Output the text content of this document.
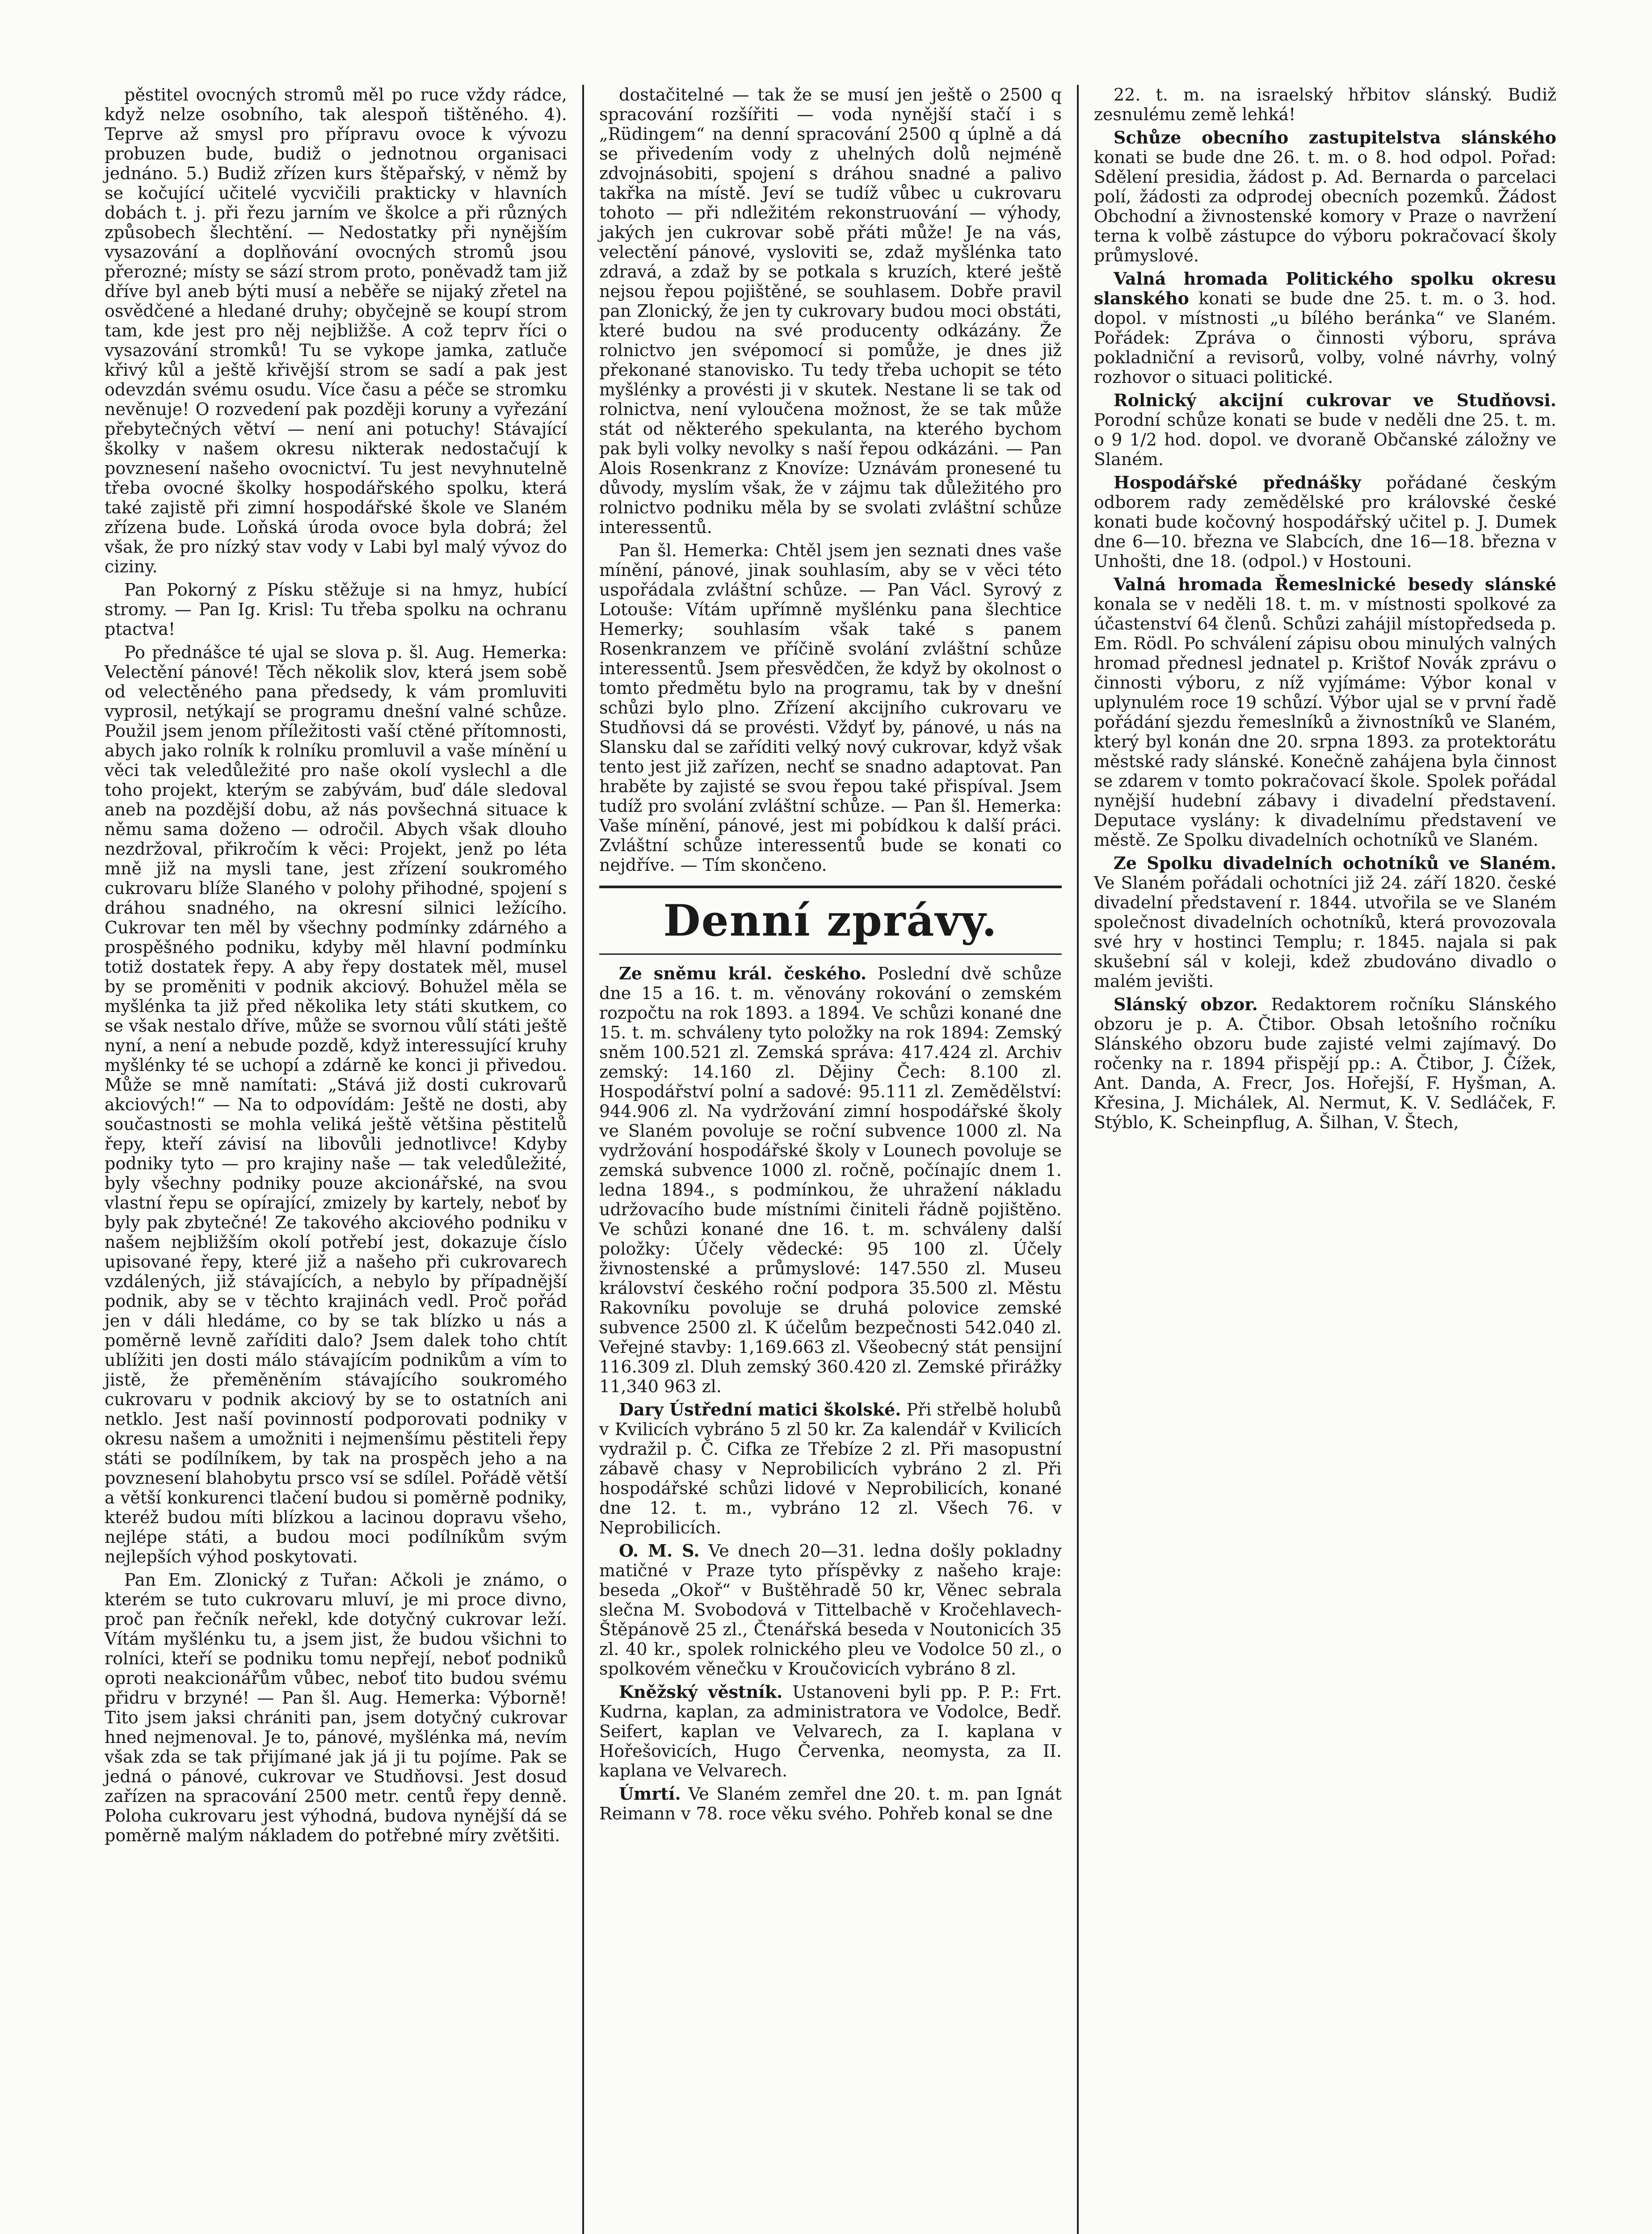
pěstitel ovocných stromů měl po ruce vždy rádce, když nelze osobního, tak alespoň tištěného. 4). Teprve až smysl pro přípravu ovoce k vývozu probuzen bude, budiž o jednotnou organisaci jednáno. 5.) Budiž zřízen kurs štěpařský, v němž by se kočující učitelé vycvičili prakticky v hlavních dobách t. j. při řezu jarním ve školce a při různých způsobech šlechtění. — Nedostatky při nynějším vysazování a doplňování ovocných stromů jsou přerozné; místy se sází strom proto, poněvadž tam již dříve byl aneb býti musí a neběře se nijaký zřetel na osvědčené a hledané druhy; obyčejně se koupí strom tam, kde jest pro něj nejbližše. A což teprv říci o vysazování stromků! Tu se vykope jamka, zatluče křivý kůl a ještě křivější strom se sadí a pak jest odevzdán svému osudu. Více času a péče se stromku nevěnuje! O rozvedení pak později koruny a vyřezání přebytečných větví — není ani potuchy! Stávající školky v našem okresu nikterak nedostačují k povznesení našeho ovocnictví. Tu jest nevyhnutelně třeba ovocné školky hospodářského spolku, která také zajistě při zimní hospodářské škole ve Slaném zřízena bude. Loňská úroda ovoce byla dobrá; žel však, že pro nízký stav vody v Labi byl malý vývoz do ciziny.

Pan Pokorný z Písku stěžuje si na hmyz, hubící stromy. — Pan Ig. Krisl: Tu třeba spolku na ochranu ptactva!

Po přednášce té ujal se slova p. šl. Aug. Hemerka: Velectění pánové! Těch několik slov, která jsem sobě od velectěného pana předsedy, k vám promluviti vyprosil, netýkají se programu dnešní valné schůze. Použil jsem jenom příležitosti vaší ctěné přítomnosti, abych jako rolník k rolníku promluvil a vaše mínění u věci tak veledůležité pro naše okolí vyslechl a dle toho projekt, kterým se zabývám, buď dále sledoval aneb na pozdější dobu, až nás povšechná situace k němu sama doženo — odročil. Abych však dlouho nezdržoval, přikročím k věci: Projekt, jenž po léta mně již na mysli tane, jest zřízení soukromého cukrovaru blíže Slaného v polohy přihodné, spojení s dráhou snadného, na okresní silnici ležícího. Cukrovar ten měl by všechny podmínky zdárného a prospěšného podniku, kdyby měl hlavní podmínku totiž dostatek řepy. A aby řepy dostatek měl, musel by se proměniti v podnik akciový. Bohužel měla se myšlénka ta již před několika lety státi skutkem, co se však nestalo dříve, může se svornou vůlí státi ještě nyní, a není a nebude pozdě, když interessující kruhy myšlénky té se uchopí a zdárně ke konci ji přivedou. Může se mně namítati: „Stává již dosti cukrovarů akciových!“ — Na to odpovídám: Ještě ne dosti, aby součastnosti se mohla veliká ještě většina pěstitelů řepy, kteří závisí na libovůli jednotlivce! Kdyby podniky tyto — pro krajiny naše — tak veledůležité, byly všechny podniky pouze akcionářské, na svou vlastní řepu se opírající, zmizely by kartely, neboť by byly pak zbytečné! Ze takového akciového podniku v našem nejbližším okolí potřebí jest, dokazuje číslo upisované řepy, které již a našeho při cukrovarech vzdálených, již stávajících, a nebylo by případnější podnik, aby se v těchto krajinách vedl. Proč pořád jen v dáli hledáme, co by se tak blízko u nás a poměrně levně zaříditi dalo? Jsem dalek toho chtít ublížiti jen dosti málo stávajícím podnikům a vím to jistě, že přeměněním stávajícího soukromého cukrovaru v podnik akciový by se to ostatních ani netklo. Jest naší povinností podporovati podniky v okresu našem a umožniti i nejmenšímu pěstiteli řepy státi se podílníkem, by tak na prospěch jeho a na povznesení blahobytu prsco vsí se sdílel. Pořádě větší a větší konkurenci tlačení budou si poměrně podniky, kteréž budou míti blízkou a lacinou dopravu všeho, nejlépe státi, a budou moci podílníkům svým nejlepších výhod poskytovati.

Pan Em. Zlonický z Tuřan: Ačkoli je známo, o kterém se tuto cukrovaru mluví, je mi proce divno, proč pan řečník neřekl, kde dotyčný cukrovar leží. Vítám myšlénku tu, a jsem jist, že budou všichni to rolníci, kteří se podniku tomu nepřejí, neboť podniků oproti neakcionářům vůbec, neboť tito budou svému přidru v brzyné! — Pan šl. Aug. Hemerka: Výborně! Tito jsem jaksi chrániti pan, jsem dotyčný cukrovar hned nejmenoval. Je to, pánové, myšlénka má, nevím však zda se tak přijímané jak já ji tu pojíme. Pak se jedná o pánové, cukrovar ve Studňovsi. Jest dosud zařízen na spracování 2500 metr. centů řepy denně. Poloha cukrovaru jest výhodná, budova nynější dá se poměrně malým nákladem do potřebné míry zvětšiti.

dostačitelné — tak že se musí jen ještě o 2500 q spracování rozšířiti — voda nynější stačí i s „Rüdingem“ na denní spracování 2500 q úplně a dá se přivedením vody z uhelných dolů nejméně zdvojnásobiti, spojení s dráhou snadné a palivo takřka na místě. Jeví se tudíž vůbec u cukrovaru tohoto — při ndležitém rekonstruování — výhody, jakých jen cukrovar sobě přáti může! Je na vás, velectění pánové, vysloviti se, zdaž myšlénka tato zdravá, a zdaž by se potkala s kruzích, které ještě nejsou řepou pojištěné, se souhlasem. Dobře pravil pan Zlonický, že jen ty cukrovary budou moci obstáti, které budou na své producenty odkázány. Že rolnictvo jen svépomocí si pomůže, je dnes již překonané stanovisko. Tu tedy třeba uchopit se této myšlénky a provésti ji v skutek. Nestane li se tak od rolnictva, není vyloučena možnost, že se tak může stát od některého spekulanta, na kterého bychom pak byli volky nevolky s naší řepou odkázáni. — Pan Alois Rosenkranz z Knovíze: Uznávám pronesené tu důvody, myslím však, že v zájmu tak důležitého pro rolnictvo podniku měla by se svolati zvláštní schůze interessentů.

Pan šl. Hemerka: Chtěl jsem jen seznati dnes vaše mínění, pánové, jinak souhlasím, aby se v věci této uspořádala zvláštní schůze. — Pan Václ. Syrový z Lotouše: Vítám upřímně myšlénku pana šlechtice Hemerky; souhlasím však také s panem Rosenkranzem ve příčině svolání zvláštní schůze interessentů. Jsem přesvědčen, že když by okolnost o tomto předmětu bylo na programu, tak by v dnešní schůzi bylo plno. Zřízení akcijního cukrovaru ve Studňovsi dá se provésti. Vždyť by, pánové, u nás na Slansku dal se zaříditi velký nový cukrovar, když však tento jest již zařízen, nechť se snadno adaptovat. Pan hraběte by zajisté se svou řepou také přispíval. Jsem tudíž pro svolání zvláštní schůze. — Pan šl. Hemerka: Vaše mínění, pánové, jest mi pobídkou k další práci. Zvláštní schůze interessentů bude se konati co nejdříve. — Tím skončeno.

Denní zprávy.

Ze sněmu král. českého. Poslední dvě schůze dne 15 a 16. t. m. věnovány rokování o zemském rozpočtu na rok 1893. a 1894. Ve schůzi konané dne 15. t. m. schváleny tyto položky na rok 1894: Zemský sněm 100.521 zl. Zemská správa: 417.424 zl. Archiv zemský: 14.160 zl. Dějiny Čech: 8.100 zl. Hospodářství polní a sadové: 95.111 zl. Zemědělství: 944.906 zl. Na vydržování zimní hospodářské školy ve Slaném povoluje se roční subvence 1000 zl. Na vydržování hospodářské školy v Lounech povoluje se zemská subvence 1000 zl. ročně, počínajíc dnem 1. ledna 1894., s podmínkou, že uhražení nákladu udržovacího bude místními činiteli řádně pojištěno. Ve schůzi konané dne 16. t. m. schváleny další položky: Účely vědecké: 95 100 zl. Účely živnostenské a průmyslové: 147.550 zl. Museu království českého roční podpora 35.500 zl. Městu Rakovníku povoluje se druhá polovice zemské subvence 2500 zl. K účelům bezpečnosti 542.040 zl. Veřejné stavby: 1,169.663 zl. Všeobecný stát pensijní 116.309 zl. Dluh zemský 360.420 zl. Zemské přirážky 11,340 963 zl.

Dary Ústřední matici školské. Při střelbě holubů v Kvilicích vybráno 5 zl 50 kr. Za kalendář v Kvilicích vydražil p. Č. Cifka ze Třebíze 2 zl. Při masopustní zábavě chasy v Neprobilicích vybráno 2 zl. Při hospodářské schůzi lidové v Neprobilicích, konané dne 12. t. m., vybráno 12 zl. Všech 76. v Neprobilicích.

O. M. S. Ve dnech 20—31. ledna došly pokladny matičné v Praze tyto příspěvky z našeho kraje: beseda „Okoř“ v Buštěhradě 50 kr, Věnec sebrala slečna M. Svobodová v Tittelbachě v Kročehlavech-Štěpánově 25 zl., Čtenářská beseda v Noutonicích 35 zl. 40 kr., spolek rolnického pleu ve Vodolce 50 zl., o spolkovém věnečku v Kroučovicích vybráno 8 zl.

Kněžský věstník. Ustanoveni byli pp. P. P.: Frt. Kudrna, kaplan, za administratora ve Vodolce, Bedř. Seifert, kaplan ve Velvarech, za I. kaplana v Hořešovicích, Hugo Červenka, neomysta, za II. kaplana ve Velvarech.

Úmrtí. Ve Slaném zemřel dne 20. t. m. pan Ignát Reimann v 78. roce věku svého. Pohřeb konal se dne

22. t. m. na israelský hřbitov slánský. Budiž zesnulému země lehká!

Schůze obecního zastupitelstva slánského konati se bude dne 26. t. m. o 8. hod odpol. Pořad: Sdělení presidia, žádost p. Ad. Bernarda o parcelaci polí, žádosti za odprodej obecních pozemků. Žádost Obchodní a živnostenské komory v Praze o navržení terna k volbě zástupce do výboru pokračovací školy průmyslové.

Valná hromada Politického spolku okresu slanského konati se bude dne 25. t. m. o 3. hod. dopol. v místnosti „u bílého beránka“ ve Slaném. Pořádek: Zpráva o činnosti výboru, správa pokladniční a revisorů, volby, volné návrhy, volný rozhovor o situaci politické.

Rolnický akcijní cukrovar ve Studňovsi. Porodní schůze konati se bude v neděli dne 25. t. m. o 9 1/2 hod. dopol. ve dvoraně Občanské záložny ve Slaném.

Hospodářské přednášky pořádané českým odborem rady zemědělské pro královské české konati bude kočovný hospodářský učitel p. J. Dumek dne 6—10. března ve Slabcích, dne 16—18. března v Unhošti, dne 18. (odpol.) v Hostouni.

Valná hromada Řemeslnické besedy slánské konala se v neděli 18. t. m. v místnosti spolkové za účastenství 64 členů. Schůzi zahájil místopředseda p. Em. Rödl. Po schválení zápisu obou minulých valných hromad přednesl jednatel p. Krištof Novák zprávu o činnosti výboru, z níž vyjímáme: Výbor konal v uplynulém roce 19 schůzí. Výbor ujal se v první řadě pořádání sjezdu řemeslníků a živnostníků ve Slaném, který byl konán dne 20. srpna 1893. za protektorátu městské rady slánské. Konečně zahájena byla činnost se zdarem v tomto pokračovací škole. Spolek pořádal nynější hudební zábavy i divadelní představení. Deputace vyslány: k divadelnímu představení ve městě. Ze Spolku divadelních ochotníků ve Slaném.

Ze Spolku divadelních ochotníků ve Slaném. Ve Slaném pořádali ochotníci již 24. září 1820. české divadelní představení r. 1844. utvořila se ve Slaném společnost divadelních ochotníků, která provozovala své hry v hostinci Templu; r. 1845. najala si pak skušební sál v koleji, kdež zbudováno divadlo o malém jevišti.

Slánský obzor. Redaktorem ročníku Slánského obzoru je p. A. Čtibor. Obsah letošního ročníku Slánského obzoru bude zajisté velmi zajímavý. Do ročenky na r. 1894 přispějí pp.: A. Čtibor, J. Čížek, Ant. Danda, A. Frecr, Jos. Hořejší, F. Hyšman, A. Křesina, J. Michálek, Al. Nermut, K. V. Sedláček, F. Stýblo, K. Scheinpflug, A. Šilhan, V. Štech,
